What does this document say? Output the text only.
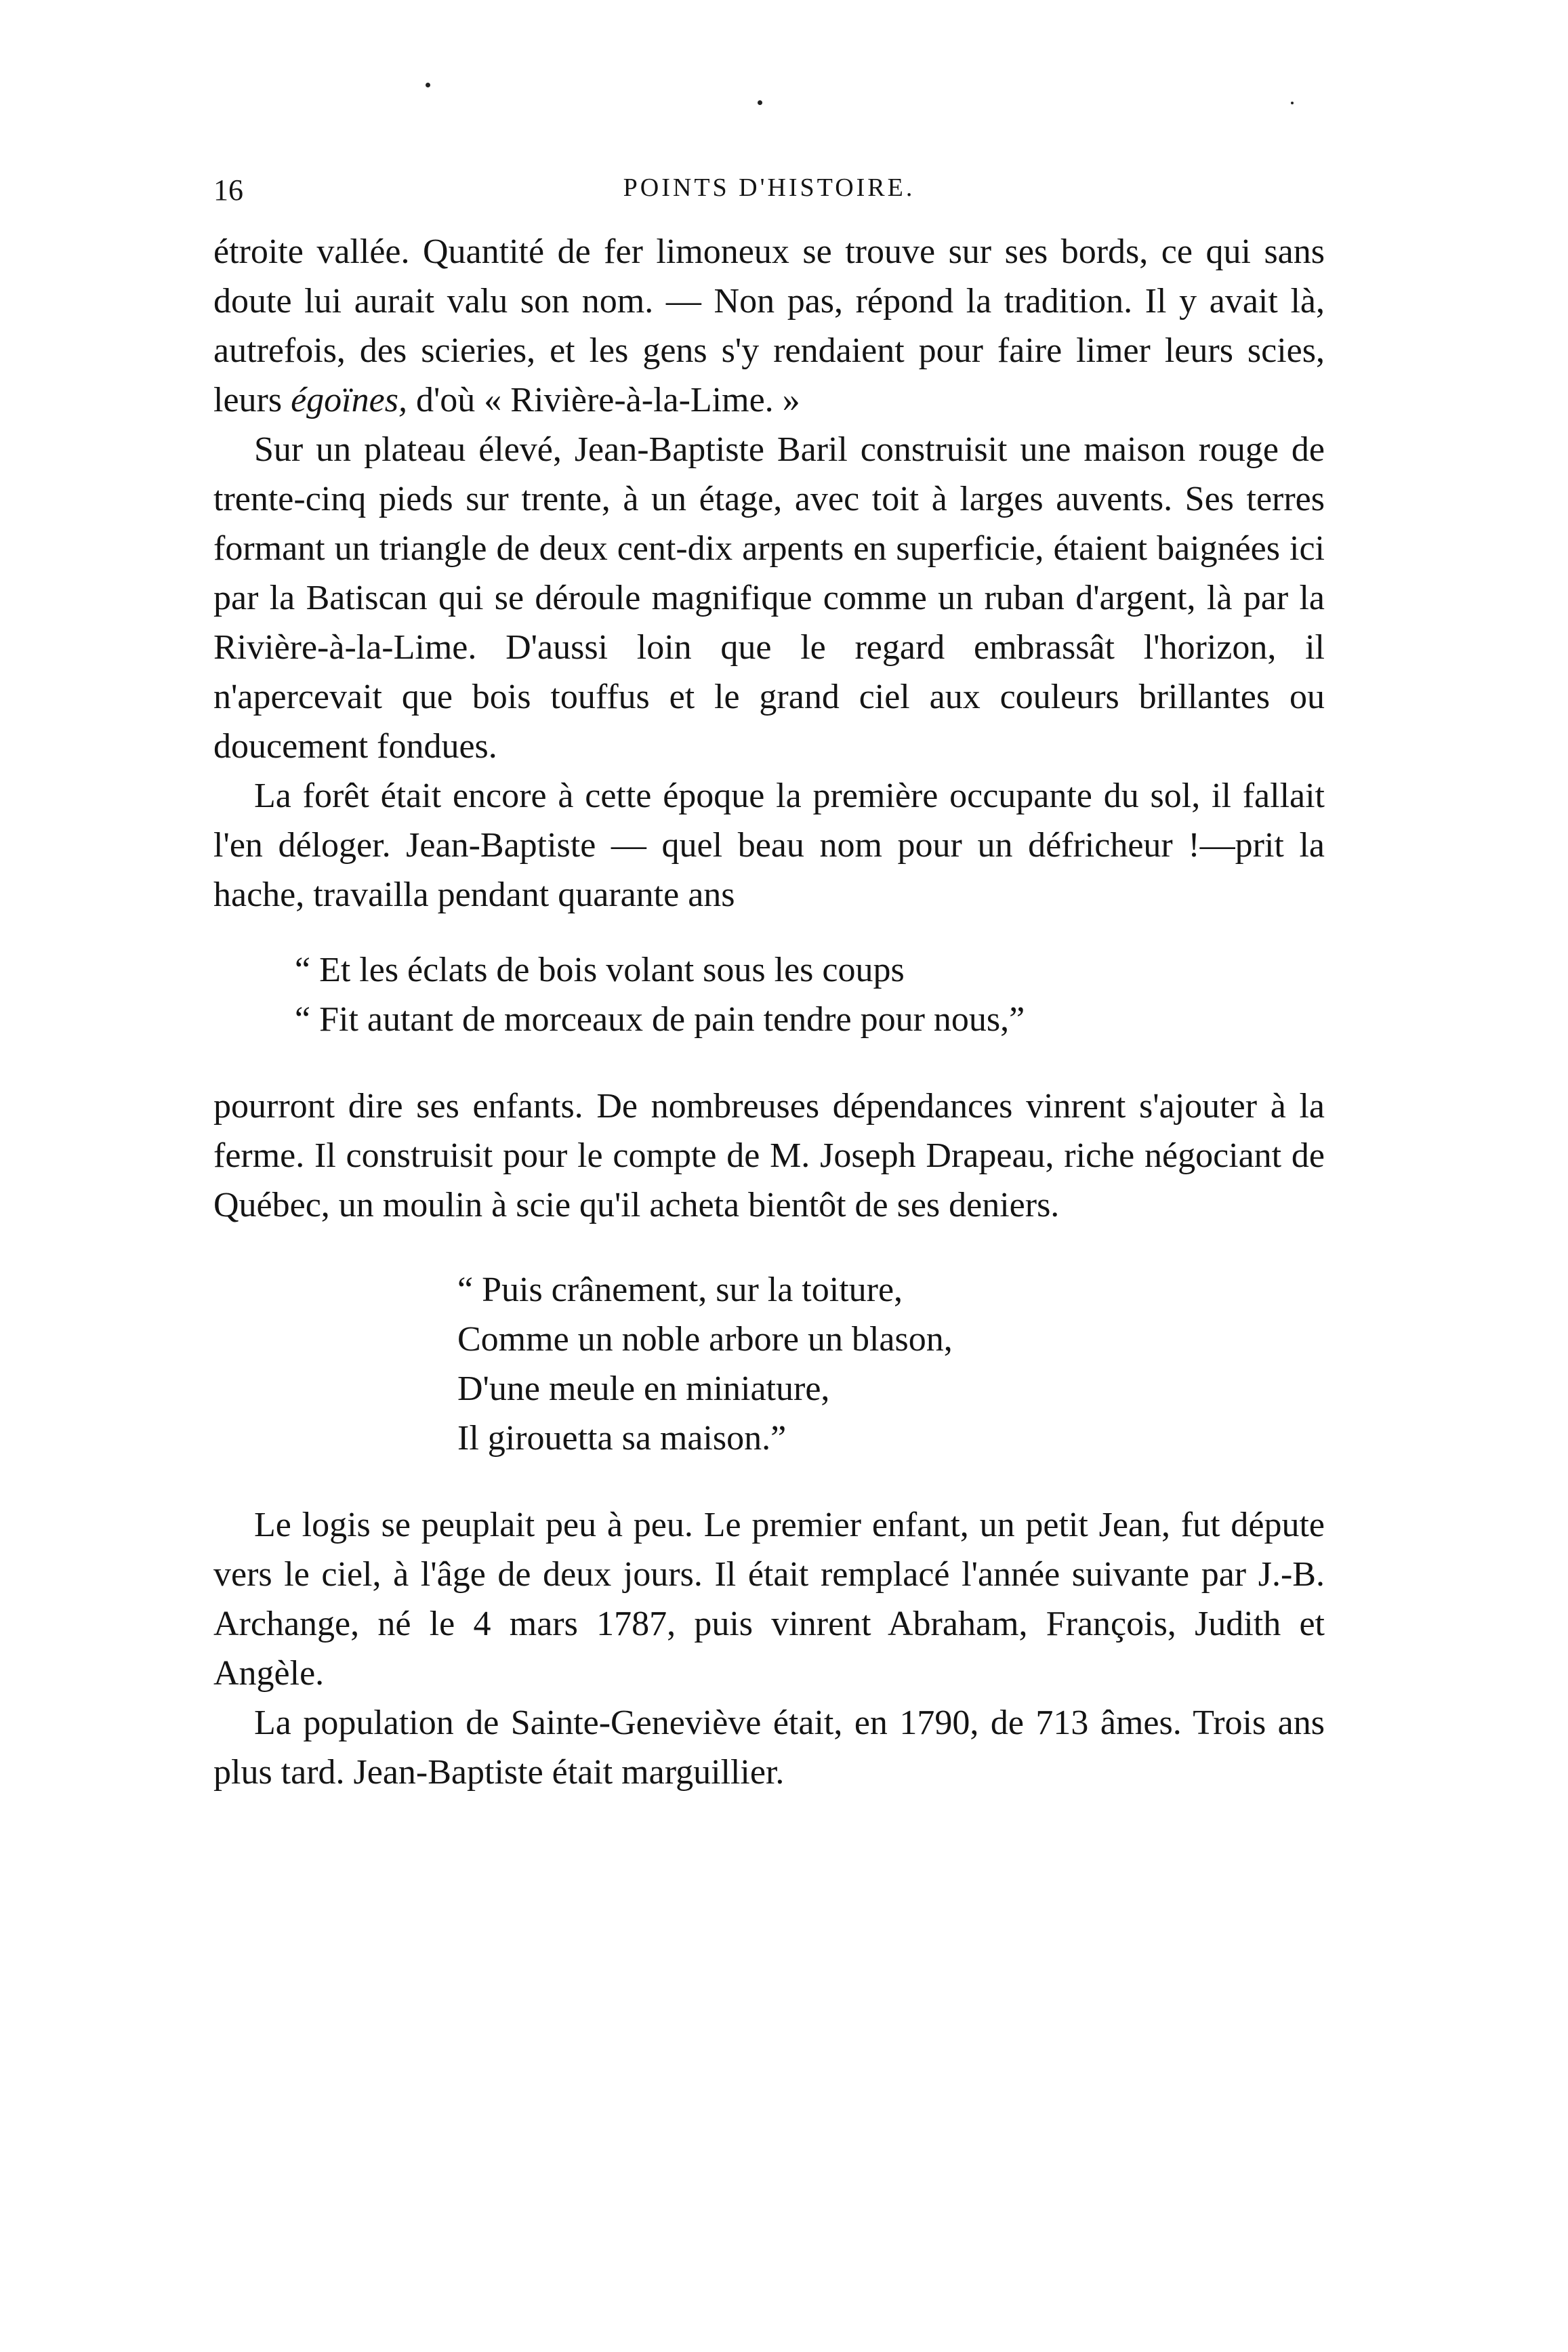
16	POINTS D'HISTOIRE.

étroite vallée. Quantité de fer limoneux se trouve sur ses bords, ce qui sans doute lui aurait valu son nom. — Non pas, répond la tradition. Il y avait là, autrefois, des scieries, et les gens s'y rendaient pour faire limer leurs scies, leurs égoïnes, d'où « Rivière-à-la-Lime. »

Sur un plateau élevé, Jean-Baptiste Baril construisit une maison rouge de trente-cinq pieds sur trente, à un étage, avec toit à larges auvents. Ses terres formant un triangle de deux cent-dix arpents en superficie, étaient baignées ici par la Batiscan qui se déroule magnifique comme un ruban d'argent, là par la Rivière-à-la-Lime. D'aussi loin que le regard embrassât l'horizon, il n'apercevait que bois touffus et le grand ciel aux couleurs brillantes ou doucement fondues.

La forêt était encore à cette époque la première occupante du sol, il fallait l'en déloger. Jean-Baptiste — quel beau nom pour un défricheur !—prit la hache, travailla pendant quarante ans

“ Et les éclats de bois volant sous les coups
“ Fit autant de morceaux de pain tendre pour nous,”

pourront dire ses enfants. De nombreuses dépendances vinrent s'ajouter à la ferme. Il construisit pour le compte de M. Joseph Drapeau, riche négociant de Québec, un moulin à scie qu'il acheta bientôt de ses deniers.

“ Puis crânement, sur la toiture,
Comme un noble arbore un blason,
D'une meule en miniature,
Il girouetta sa maison.”

Le logis se peuplait peu à peu. Le premier enfant, un petit Jean, fut députe vers le ciel, à l'âge de deux jours. Il était remplacé l'année suivante par J.-B. Archange, né le 4 mars 1787, puis vinrent Abraham, François, Judith et Angèle.

La population de Sainte-Geneviève était, en 1790, de 713 âmes. Trois ans plus tard. Jean-Baptiste était marguillier.
